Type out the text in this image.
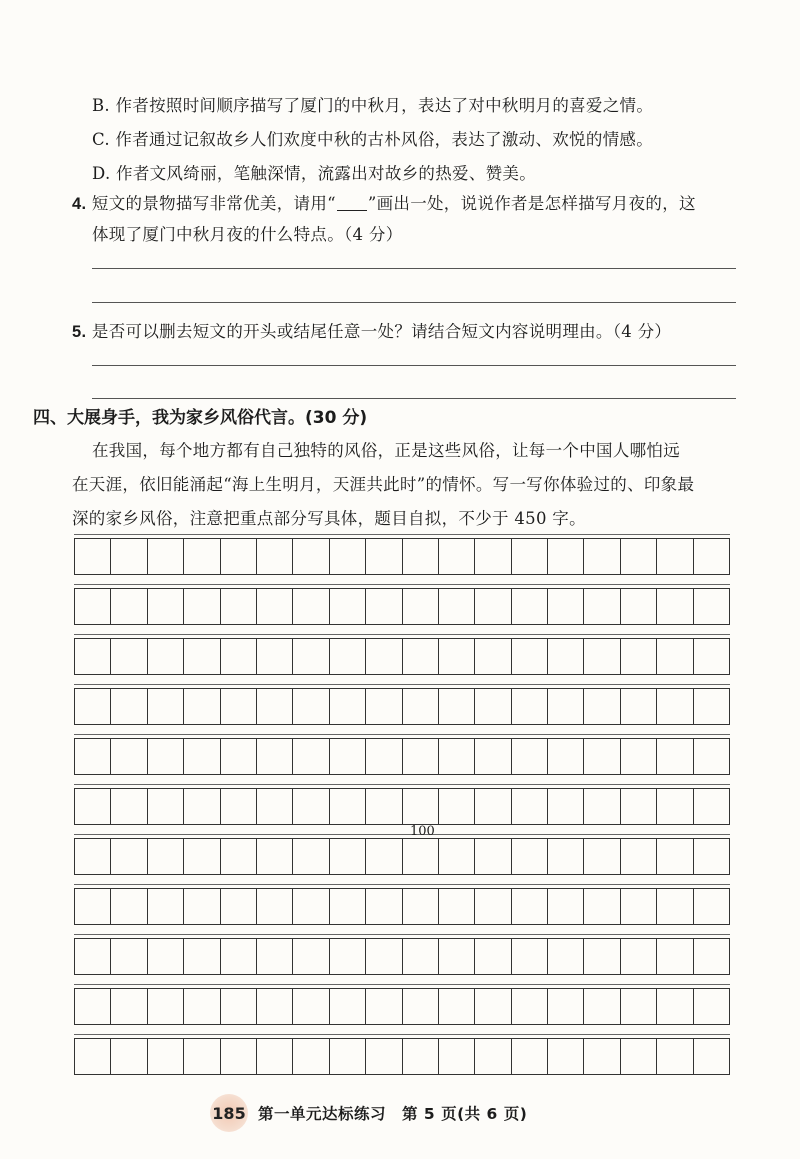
B. 作者按照时间顺序描写了厦门的中秋月，表达了对中秋明月的喜爱之情。
C. 作者通过记叙故乡人们欢度中秋的古朴风俗，表达了激动、欢悦的情感。
D. 作者文风绮丽，笔触深情，流露出对故乡的热爱、赞美。
4. 短文的景物描写非常优美，请用“ ”画出一处，说说作者是怎样描写月夜的，这
体现了厦门中秋月夜的什么特点。（4 分）
5. 是否可以删去短文的开头或结尾任意一处？请结合短文内容说明理由。（4 分）
四、大展身手，我为家乡风俗代言。(30 分)
在我国，每个地方都有自己独特的风俗，正是这些风俗，让每一个中国人哪怕远
在天涯，依旧能涌起“海上生明月，天涯共此时”的情怀。写一写你体验过的、印象最
深的家乡风俗，注意把重点部分写具体，题目自拟，不少于 450 字。
100
185 第一单元达标练习　第 5 页(共 6 页)
